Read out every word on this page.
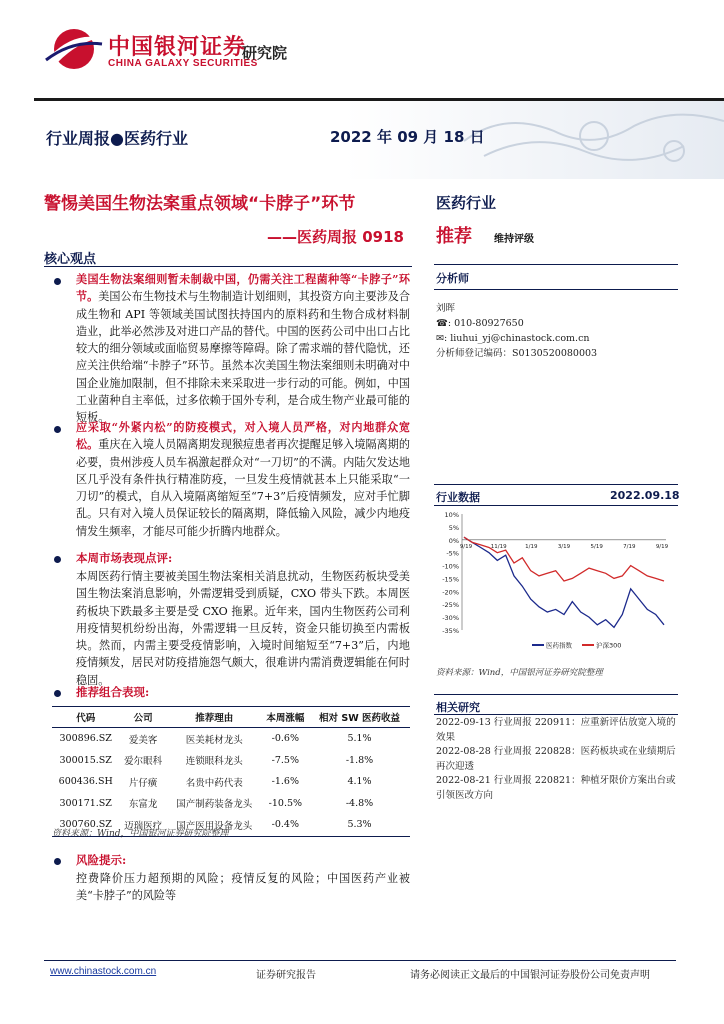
中国银河证券
CHINA GALAXY SECURITIES
研究院
行业周报●医药行业	2022 年 09 月 18 日
警惕美国生物法案重点领域“卡脖子”环节
——医药周报 0918
核心观点
美国生物法案细则暂未制裁中国，仍需关注工程菌种等“卡脖子”环节。美国公布生物技术与生物制造计划细则，其投资方向主要涉及合成生物和 API 等领域美国试图扶持国内的原料药和生物合成材料制造业，此举必然涉及对进口产品的替代。中国的医药公司中出口占比较大的细分领域或面临贸易摩擦等障碍。除了需求端的替代隐忧，还应关注供给端“卡脖子”环节。虽然本次美国生物法案细则未明确对中国企业施加限制，但不排除未来采取进一步行动的可能。例如，中国工业菌种自主率低，过多依赖于国外专利，是合成生物产业最可能的短板。
应采取“外紧内松”的防疫模式，对入境人员严格，对内地群众宽松。重庆在入境人员隔离期发现猴痘患者再次提醒足够入境隔离期的必要，贵州涉疫人员车祸激起群众对“一刀切”的不满。内陆欠发达地区几乎没有条件执行精准防疫，一旦发生疫情就甚本上只能采取“一刀切”的模式，自从入境隔离缩短至“7+3”后疫情频发，应对手忙脚乱。只有对入境人员保证较长的隔离期，降低输入风险，减少内地疫情发生频率，才能尽可能少折腾内地群众。
本周市场表现点评:
本周医药行情主要被美国生物法案相关消息扰动，生物医药板块受美国生物法案消息影响，外需逻辑受到质疑，CXO 带头下跌。本周医药板块下跌最多主要是受 CXO 拖累。近年来，国内生物医药公司利用疫情契机纷纷出海，外需逻辑一旦反转，资金只能切换至内需板块。然而，内需主要受疫情影响，入境时间缩短至“7+3”后，内地疫情频发，居民对防疫措施怨气颇大，很难讲内需消费逻辑能在何时稳固。
推荐组合表现:
代码	公司	推荐理由	本周涨幅	相对 SW 医药收益
300896.SZ	爱美客	医美耗材龙头	-0.6%	5.1%
300015.SZ	爱尔眼科	连锁眼科龙头	-7.5%	-1.8%
600436.SH	片仔癀	名贵中药代表	-1.6%	4.1%
300171.SZ	东富龙	国产制药装备龙头	-10.5%	-4.8%
300760.SZ	迈瑞医疗	国产医用设备龙头	-0.4%	5.3%
资料来源：Wind，中国银河证券研究院整理
风险提示:
控费降价压力超预期的风险；疫情反复的风险；中国医药产业被美“卡脖子”的风险等
医药行业
推荐 维持评级
分析师
刘晖
☎: 010-80927650
✉: liuhui_yj@chinastock.com.cn
分析师登记编码：S0130520080003
行业数据	2022.09.18
10%
5%
0%
-5%
-10%
-15%
-20%
-25%
-30%
-35%
9/19	11/19	1/19	3/19	5/19	7/19	9/19
医药指数	沪深300
资料来源：Wind，中国银河证券研究院整理
相关研究
2022-09-13 行业周报 220911：应重新评估放宽入境的效果
2022-08-28 行业周报 220828：医药板块或在业绩期后再次迎透
2022-08-21 行业周报 220821：种植牙限价方案出台或引领医改方向
www.chinastock.com.cn	证券研究报告	请务必阅读正文最后的中国银河证券股份公司免责声明
